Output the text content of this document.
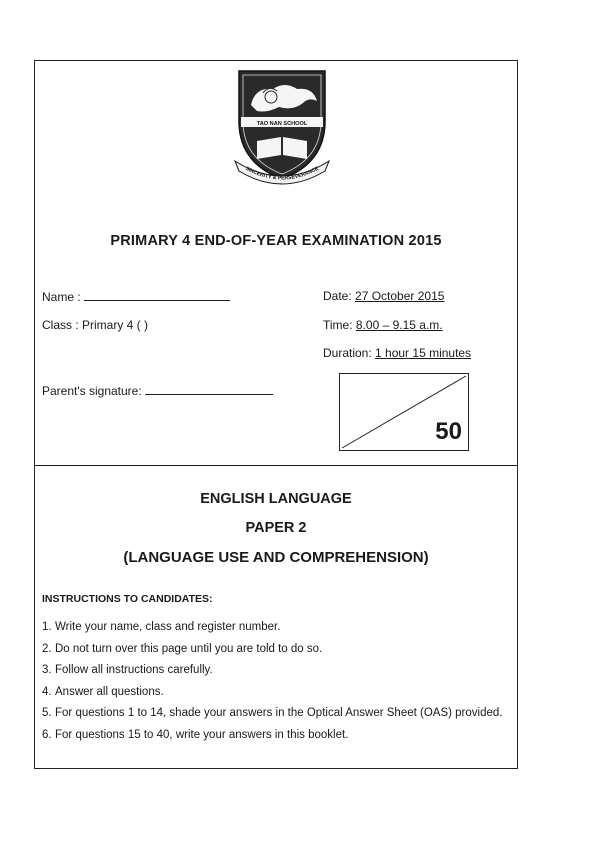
TAO NAN SCHOOL
SINCERITY & PERSEVERANCE
PRIMARY 4 END-OF-YEAR EXAMINATION 2015
Name :
Class : Primary 4 ( )
Parent's signature:
Date: 27 October 2015
Time: 8.00 – 9.15 a.m.
Duration: 1 hour 15 minutes
50
ENGLISH LANGUAGE
PAPER 2
(LANGUAGE USE AND COMPREHENSION)
INSTRUCTIONS TO CANDIDATES:
1. Write your name, class and register number.
2. Do not turn over this page until you are told to do so.
3. Follow all instructions carefully.
4. Answer all questions.
5. For questions 1 to 14, shade your answers in the Optical Answer Sheet (OAS) provided.
6. For questions 15 to 40, write your answers in this booklet.
